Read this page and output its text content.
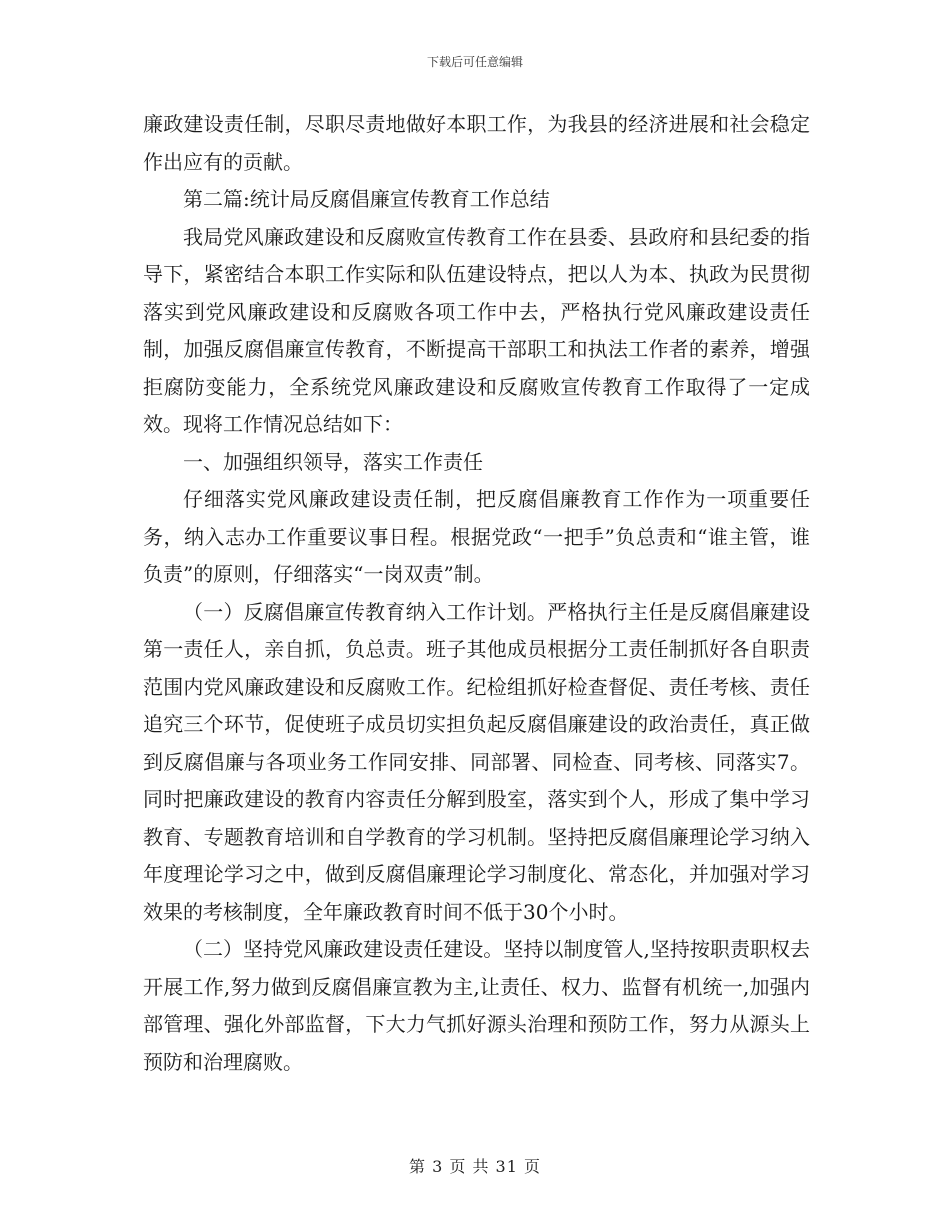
下载后可任意编辑

廉政建设责任制，尽职尽责地做好本职工作，为我县的经济进展和社会稳定作出应有的贡献。

第二篇:统计局反腐倡廉宣传教育工作总结

我局党风廉政建设和反腐败宣传教育工作在县委、县政府和县纪委的指导下，紧密结合本职工作实际和队伍建设特点，把以人为本、执政为民贯彻落实到党风廉政建设和反腐败各项工作中去，严格执行党风廉政建设责任制，加强反腐倡廉宣传教育，不断提高干部职工和执法工作者的素养，增强拒腐防变能力，全系统党风廉政建设和反腐败宣传教育工作取得了一定成效。现将工作情况总结如下：

一、加强组织领导，落实工作责任

仔细落实党风廉政建设责任制，把反腐倡廉教育工作作为一项重要任务，纳入志办工作重要议事日程。根据党政“一把手”负总责和“谁主管，谁负责”的原则，仔细落实“一岗双责”制。

（一）反腐倡廉宣传教育纳入工作计划。严格执行主任是反腐倡廉建设第一责任人，亲自抓，负总责。班子其他成员根据分工责任制抓好各自职责范围内党风廉政建设和反腐败工作。纪检组抓好检查督促、责任考核、责任追究三个环节，促使班子成员切实担负起反腐倡廉建设的政治责任，真正做到反腐倡廉与各项业务工作同安排、同部署、同检查、同考核、同落实7。同时把廉政建设的教育内容责任分解到股室，落实到个人，形成了集中学习教育、专题教育培训和自学教育的学习机制。坚持把反腐倡廉理论学习纳入年度理论学习之中，做到反腐倡廉理论学习制度化、常态化，并加强对学习效果的考核制度，全年廉政教育时间不低于30个小时。

（二）坚持党风廉政建设责任建设。坚持以制度管人,坚持按职责职权去开展工作,努力做到反腐倡廉宣教为主,让责任、权力、监督有机统一,加强内部管理、强化外部监督，下大力气抓好源头治理和预防工作，努力从源头上预防和治理腐败。

第 3 页 共 31 页
